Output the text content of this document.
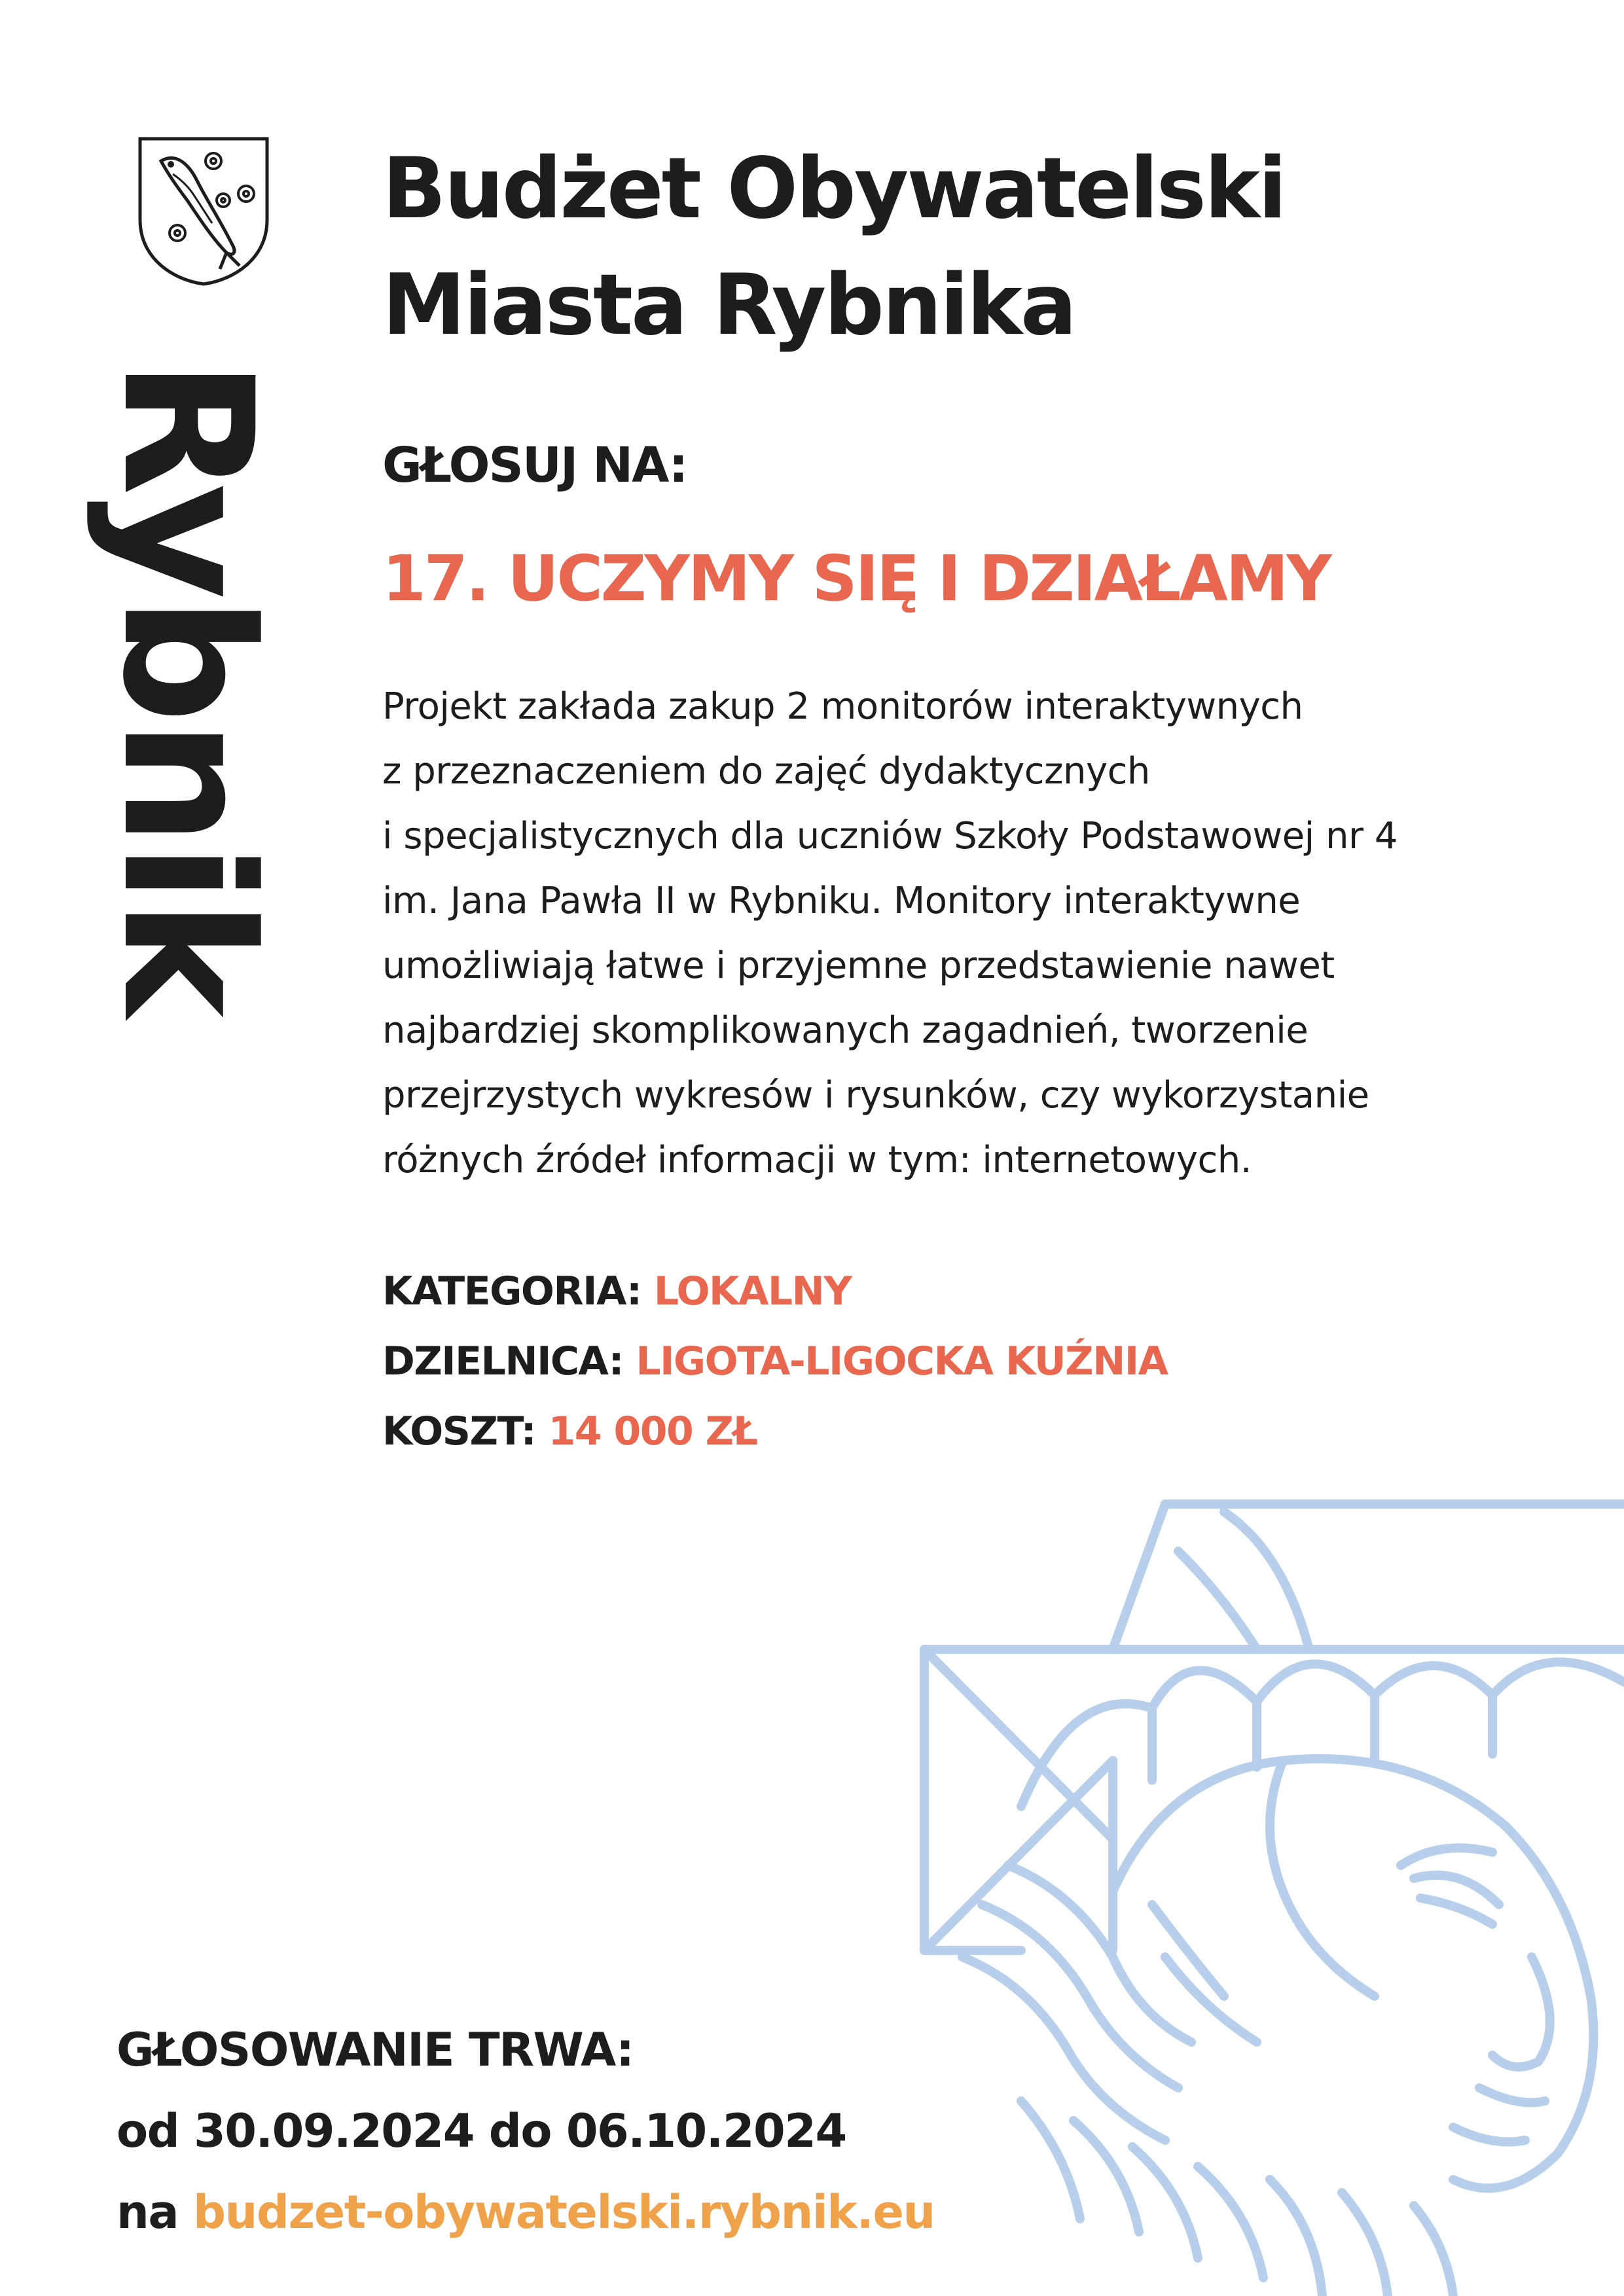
Rybnik
Budżet Obywatelski
Miasta Rybnika
GŁOSUJ NA:
17. UCZYMY SIĘ I DZIAŁAMY
Projekt zakłada zakup 2 monitorów interaktywnych
z przeznaczeniem do zajęć dydaktycznych
i specjalistycznych dla uczniów Szkoły Podstawowej nr 4
im. Jana Pawła II w Rybniku. Monitory interaktywne
umożliwiają łatwe i przyjemne przedstawienie nawet
najbardziej skomplikowanych zagadnień, tworzenie
przejrzystych wykresów i rysunków, czy wykorzystanie
różnych źródeł informacji w tym: internetowych.
KATEGORIA: LOKALNY
DZIELNICA: LIGOTA-LIGOCKA KUŹNIA
KOSZT: 14 000 ZŁ
GŁOSOWANIE TRWA:
od 30.09.2024 do 06.10.2024
na budzet-obywatelski.rybnik.eu
